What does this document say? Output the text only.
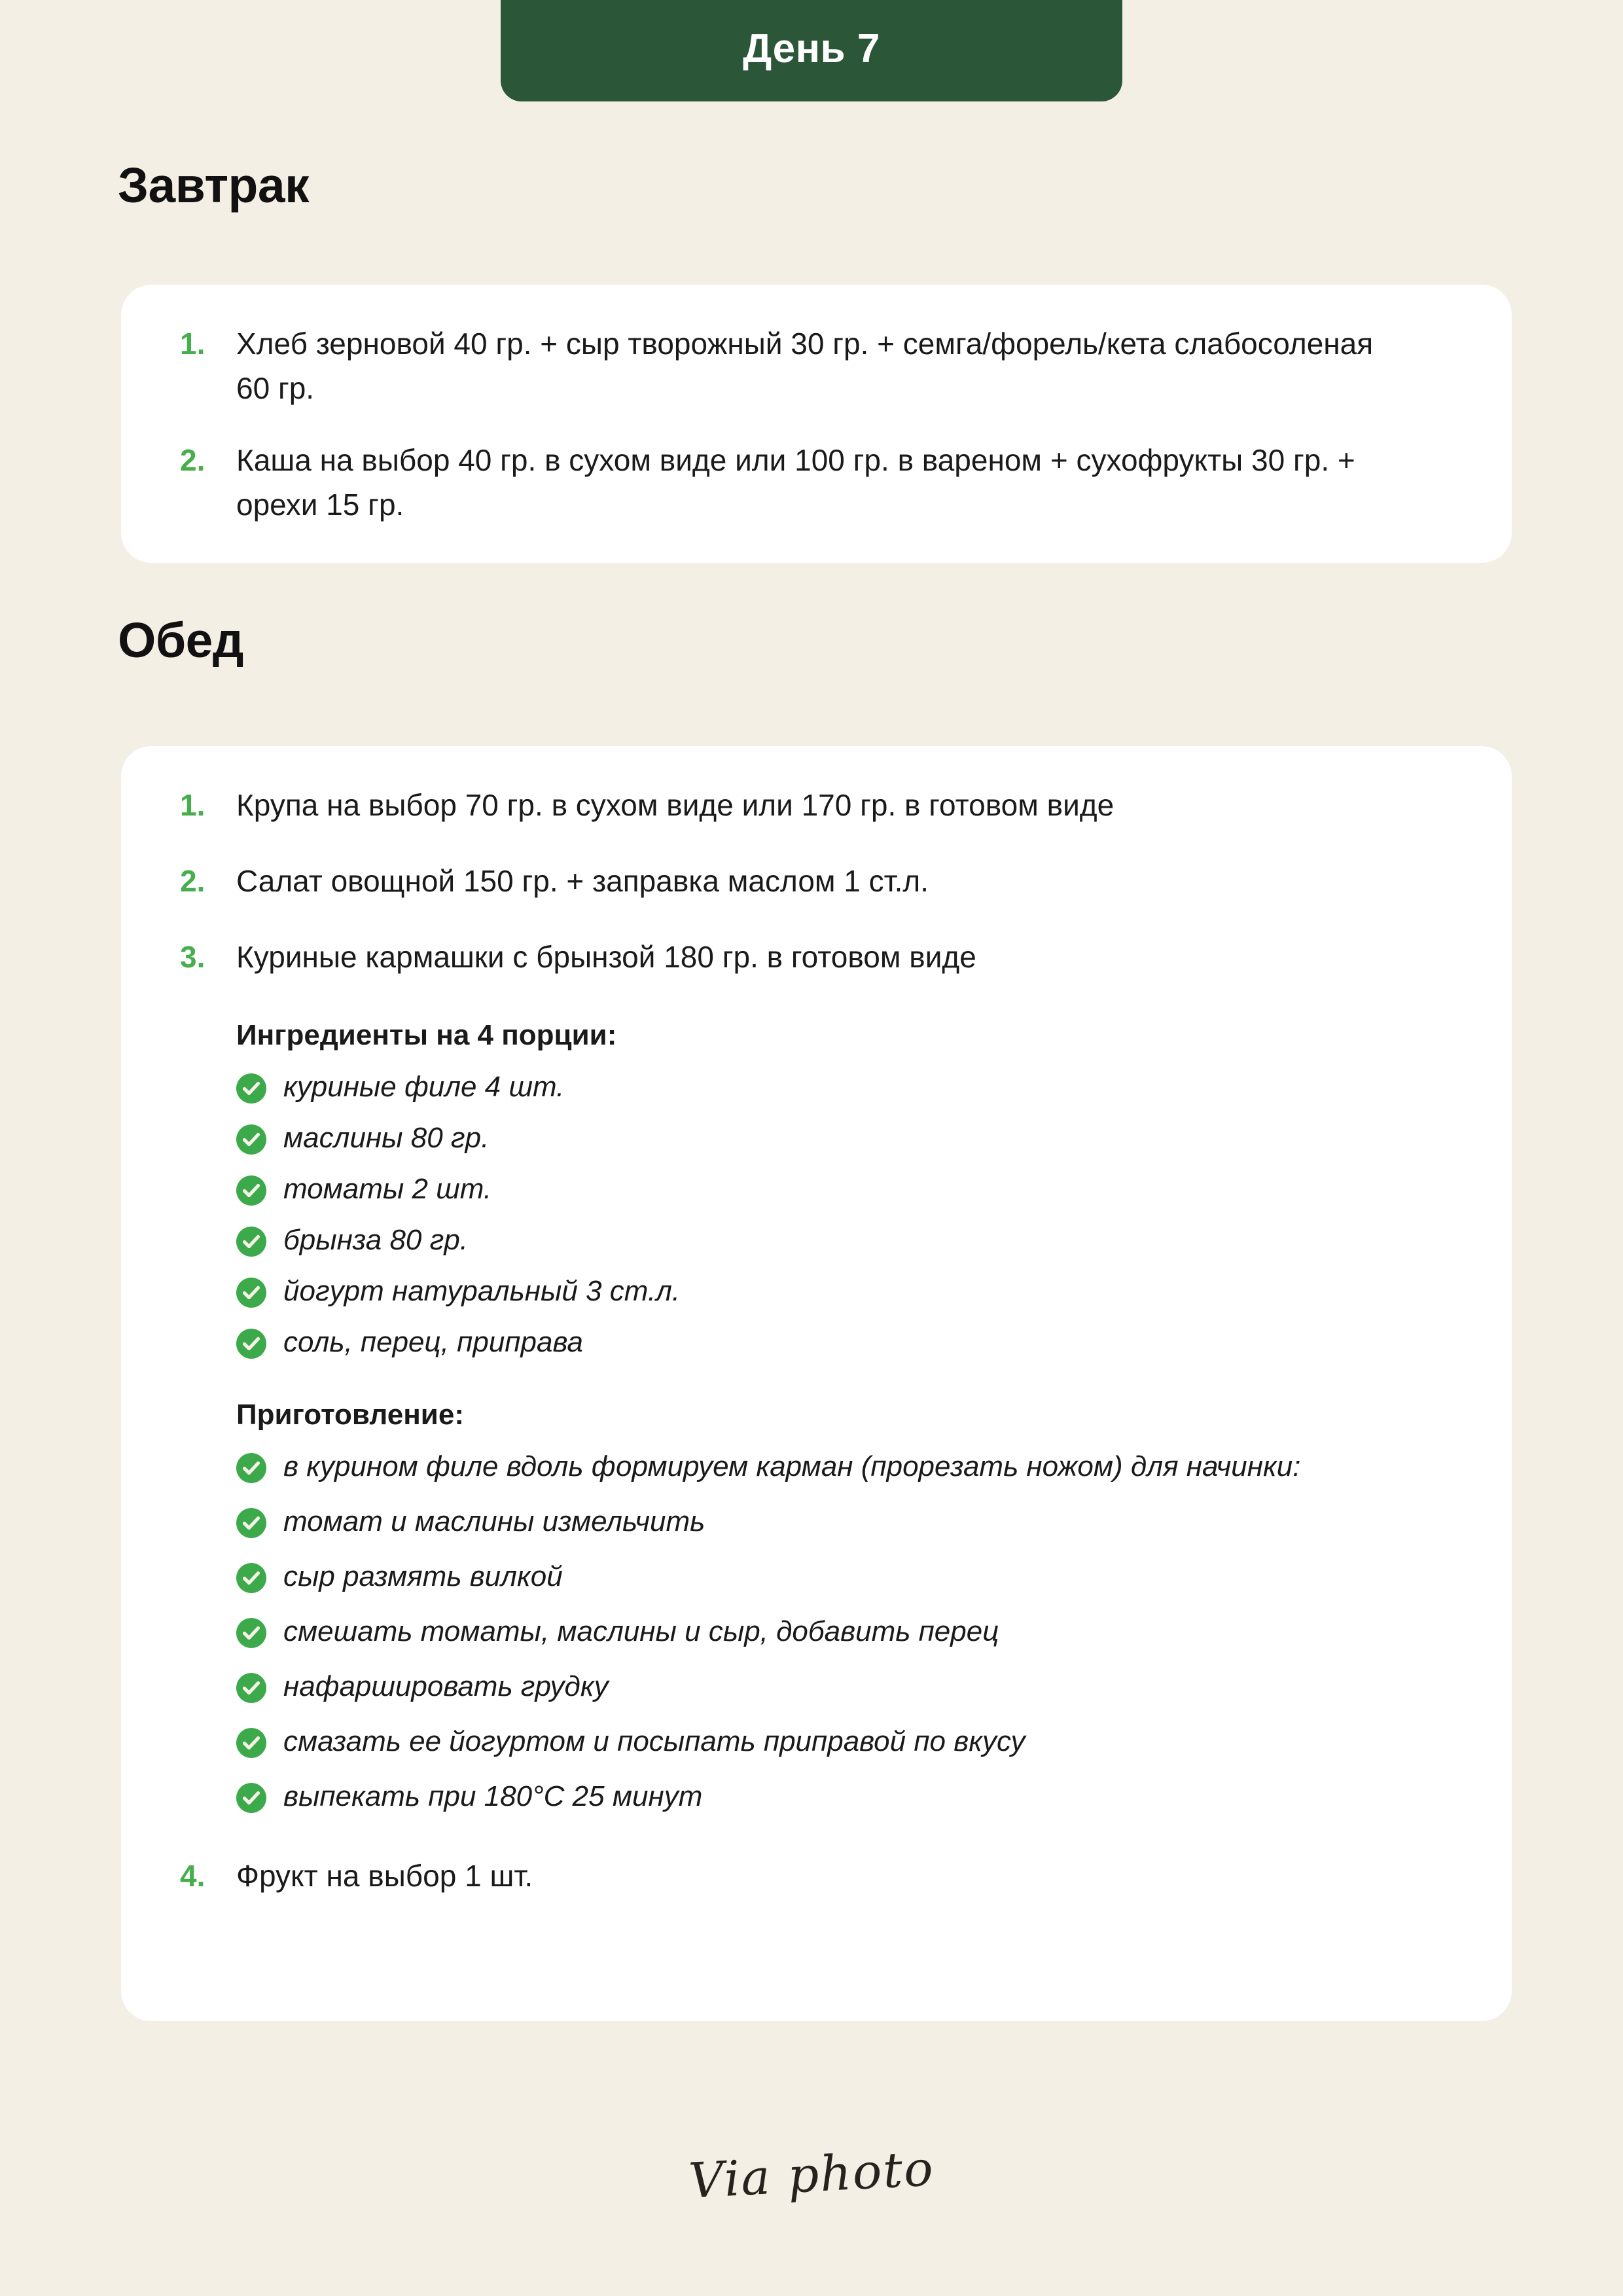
День 7
Завтрак
1.	Хлеб зерновой 40 гр. + сыр творожный 30 гр. + семга/форель/кета слабосоленая 60 гр.
2.	Каша на выбор 40 гр. в сухом виде или 100 гр. в вареном + сухофрукты 30 гр. + орехи 15 гр.
Обед
1.	Крупа на выбор 70 гр. в сухом виде или 170 гр. в готовом виде
2.	Салат овощной 150 гр. + заправка маслом 1 ст.л.
3.	Куриные кармашки с брынзой 180 гр. в готовом виде
Ингредиенты на 4 порции:
куриные филе 4 шт.
маслины 80 гр.
томаты 2 шт.
брынза 80 гр.
йогурт натуральный 3 ст.л.
соль, перец, приправа
Приготовление:
в курином филе вдоль формируем карман (прорезать ножом) для начинки:
томат и маслины измельчить
сыр размять вилкой
смешать томаты, маслины и сыр, добавить перец
нафаршировать грудку
смазать ее йогуртом и посыпать приправой по вкусу
выпекать при 180°C 25 минут
4.	Фрукт на выбор 1 шт.
Via photo
